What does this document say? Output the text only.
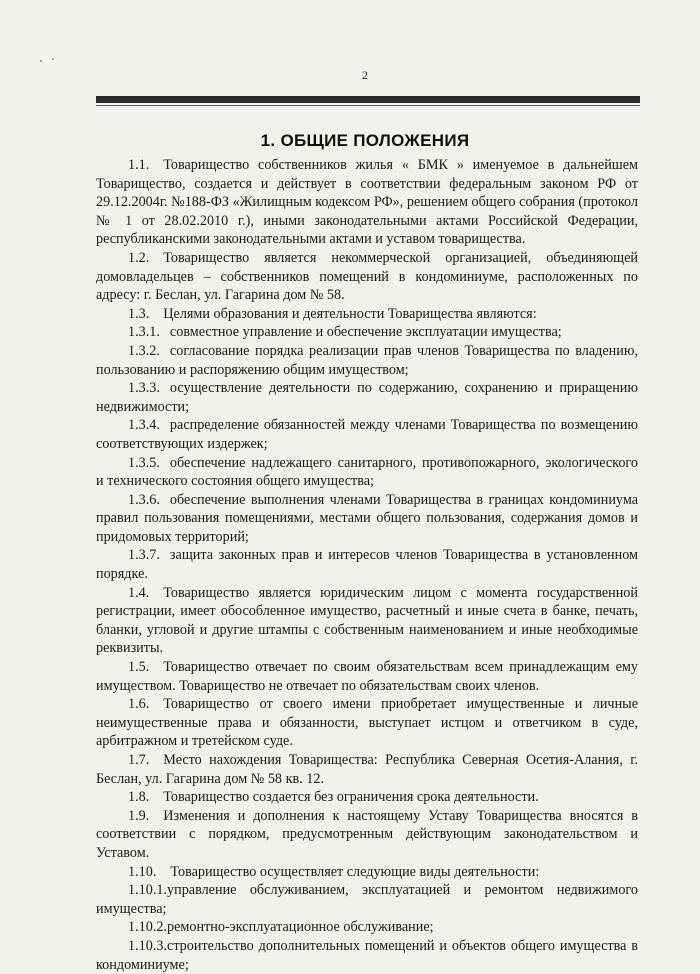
2
1. ОБЩИЕ ПОЛОЖЕНИЯ

1.1. Товарищество собственников жилья « БМК » именуемое в дальнейшем Товарищество, создается и действует в соответствии федеральным законом РФ от 29.12.2004г. №188-ФЗ «Жилищным кодексом РФ», решением общего собрания (протокол № 1 от 28.02.2010 г.), иными законодательными актами Российской Федерации, республиканскими законодательными актами и уставом товарищества.

1.2. Товарищество является некоммерческой организацией, объединяющей домовладельцев – собственников помещений в кондоминиуме, расположенных по адресу: г. Беслан, ул. Гагарина дом № 58.

1.3. Целями образования и деятельности Товарищества являются:

1.3.1. совместное управление и обеспечение эксплуатации имущества;

1.3.2. согласование порядка реализации прав членов Товарищества по владению, пользованию и распоряжению общим имуществом;

1.3.3. осуществление деятельности по содержанию, сохранению и приращению недвижимости;

1.3.4. распределение обязанностей между членами Товарищества по возмещению соответствующих издержек;

1.3.5. обеспечение надлежащего санитарного, противопожарного, экологического и технического состояния общего имущества;

1.3.6. обеспечение выполнения членами Товарищества в границах кондоминиума правил пользования помещениями, местами общего пользования, содержания домов и придомовых территорий;

1.3.7. защита законных прав и интересов членов Товарищества в установленном порядке.

1.4. Товарищество является юридическим лицом с момента государственной регистрации, имеет обособленное имущество, расчетный и иные счета в банке, печать, бланки, угловой и другие штампы с собственным наименованием и иные необходимые реквизиты.

1.5. Товарищество отвечает по своим обязательствам всем принадлежащим ему имуществом. Товарищество не отвечает по обязательствам своих членов.

1.6. Товарищество от своего имени приобретает имущественные и личные неимущественные права и обязанности, выступает истцом и ответчиком в суде, арбитражном и третейском суде.

1.7. Место нахождения Товарищества: Республика Северная Осетия-Алания, г. Беслан, ул. Гагарина дом № 58 кв. 12.

1.8. Товарищество создается без ограничения срока деятельности.

1.9. Изменения и дополнения к настоящему Уставу Товарищества вносятся в соответствии с порядком, предусмотренным действующим законодательством и Уставом.

1.10. Товарищество осуществляет следующие виды деятельности:

1.10.1.управление обслуживанием, эксплуатацией и ремонтом недвижимого имущества;

1.10.2.ремонтно-эксплуатационное обслуживание;

1.10.3.строительство дополнительных помещений и объектов общего имущества в кондоминиуме;
